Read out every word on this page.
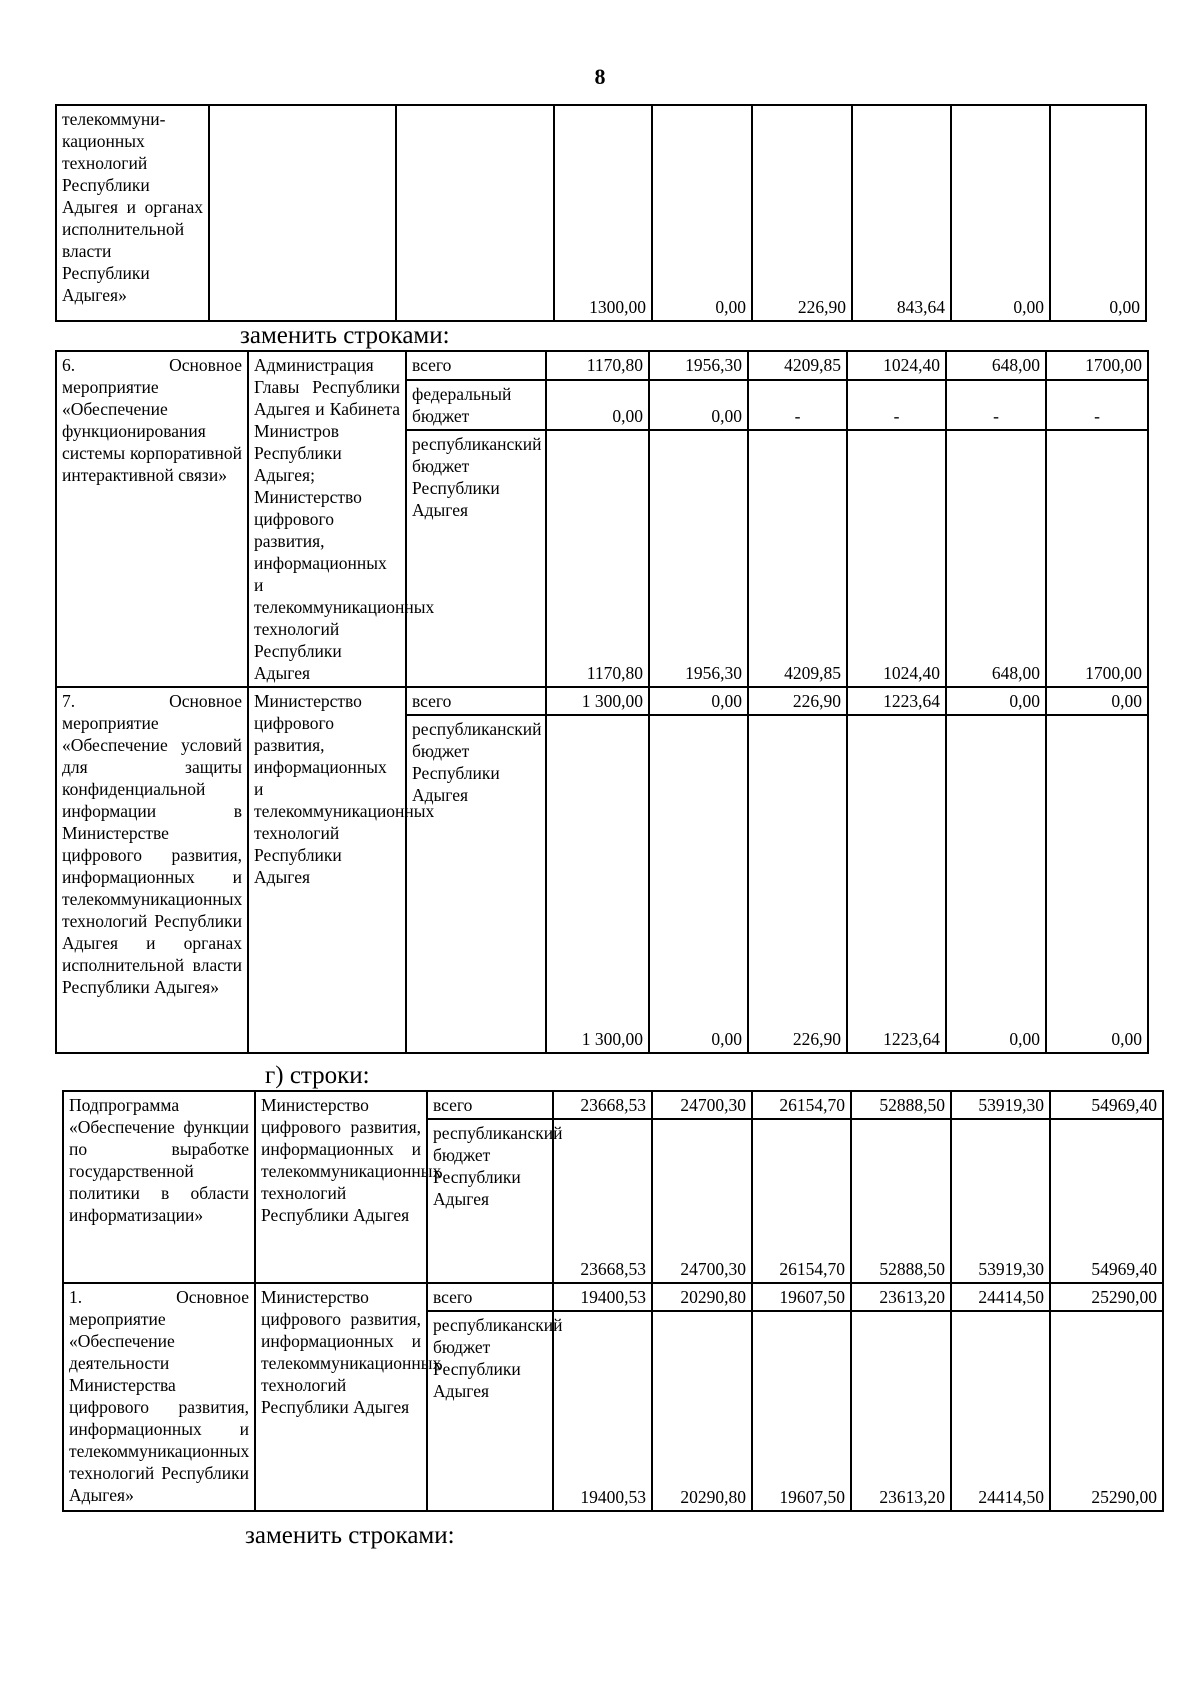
8
телекоммуни-кационных технологий Республики Адыгея и органах исполнительной власти Республики Адыгея»			1300,00	0,00	226,90	843,64	0,00	0,00
заменить строками:
6. Основное мероприятие «Обеспечение функционирования системы корпоративной интерактивной связи»	Администрация Главы Республики Адыгея и Кабинета Министров Республики Адыгея; Министерство цифрового развития, информационных и телекоммуникационных технологий Республики Адыгея	всего	1170,80	1956,30	4209,85	1024,40	648,00	1700,00
		федеральный бюджет	0,00	0,00	-	-	-	-
		республиканский бюджет Республики Адыгея	1170,80	1956,30	4209,85	1024,40	648,00	1700,00
7. Основное мероприятие «Обеспечение условий для защиты конфиденциальной информации в Министерстве цифрового развития, информационных и телекоммуникационных технологий Республики Адыгея и органах исполнительной власти Республики Адыгея»	Министерство цифрового развития, информационных и телекоммуникационных технологий Республики Адыгея	всего	1 300,00	0,00	226,90	1223,64	0,00	0,00
		республиканский бюджет Республики Адыгея	1 300,00	0,00	226,90	1223,64	0,00	0,00
г) строки:
Подпрограмма «Обеспечение функции по выработке государственной политики в области информатизации»	Министерство цифрового развития, информационных и телекоммуникационных технологий Республики Адыгея	всего	23668,53	24700,30	26154,70	52888,50	53919,30	54969,40
		республиканский бюджет Республики Адыгея	23668,53	24700,30	26154,70	52888,50	53919,30	54969,40
1. Основное мероприятие «Обеспечение деятельности Министерства цифрового развития, информационных и телекоммуникационных технологий Республики Адыгея»	Министерство цифрового развития, информационных и телекоммуникационных технологий Республики Адыгея	всего	19400,53	20290,80	19607,50	23613,20	24414,50	25290,00
		республиканский бюджет Республики Адыгея	19400,53	20290,80	19607,50	23613,20	24414,50	25290,00
заменить строками:
